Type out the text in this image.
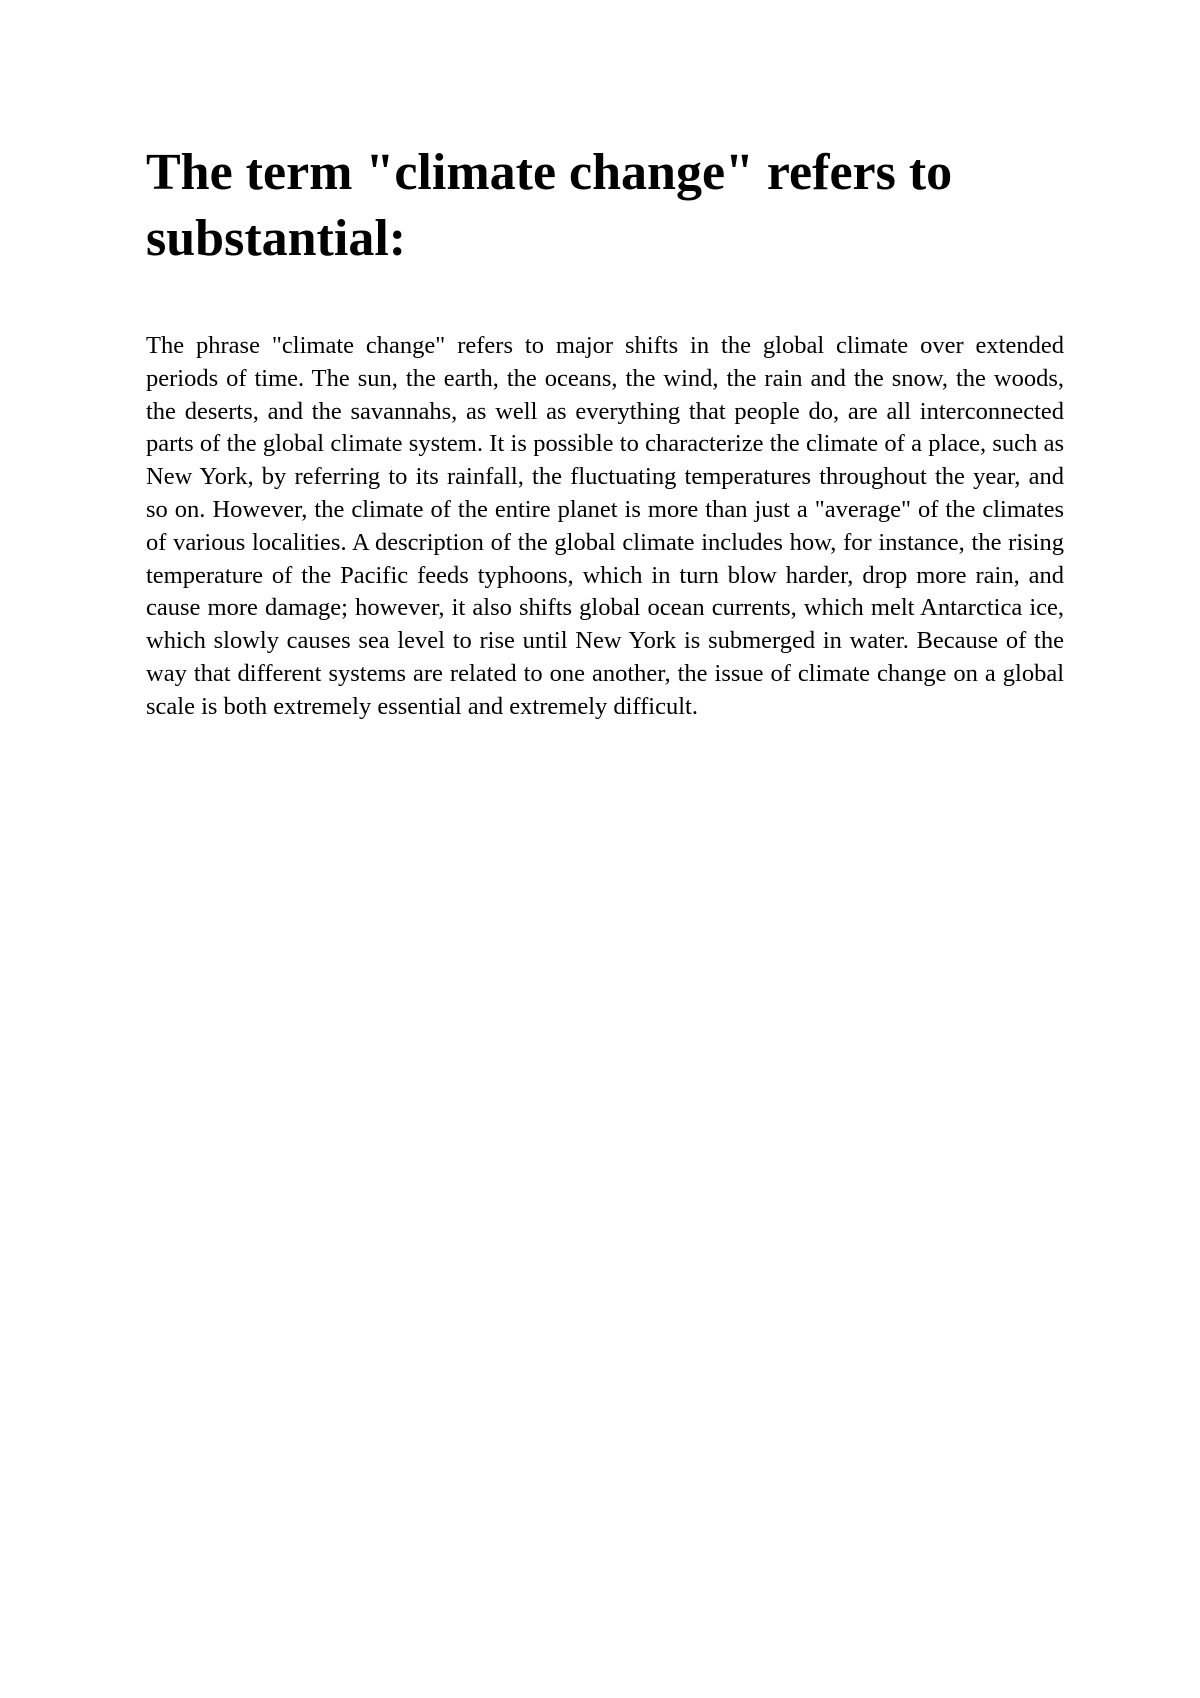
The term "climate change" refers to substantial:

The phrase "climate change" refers to major shifts in the global climate over extended periods of time. The sun, the earth, the oceans, the wind, the rain and the snow, the woods, the deserts, and the savannahs, as well as everything that people do, are all interconnected parts of the global climate system. It is possible to characterize the climate of a place, such as New York, by referring to its rainfall, the fluctuating temperatures throughout the year, and so on. However, the climate of the entire planet is more than just a "average" of the climates of various localities. A description of the global climate includes how, for instance, the rising temperature of the Pacific feeds typhoons, which in turn blow harder, drop more rain, and cause more damage; however, it also shifts global ocean currents, which melt Antarctica ice, which slowly causes sea level to rise until New York is submerged in water. Because of the way that different systems are related to one another, the issue of climate change on a global scale is both extremely essential and extremely difficult.
